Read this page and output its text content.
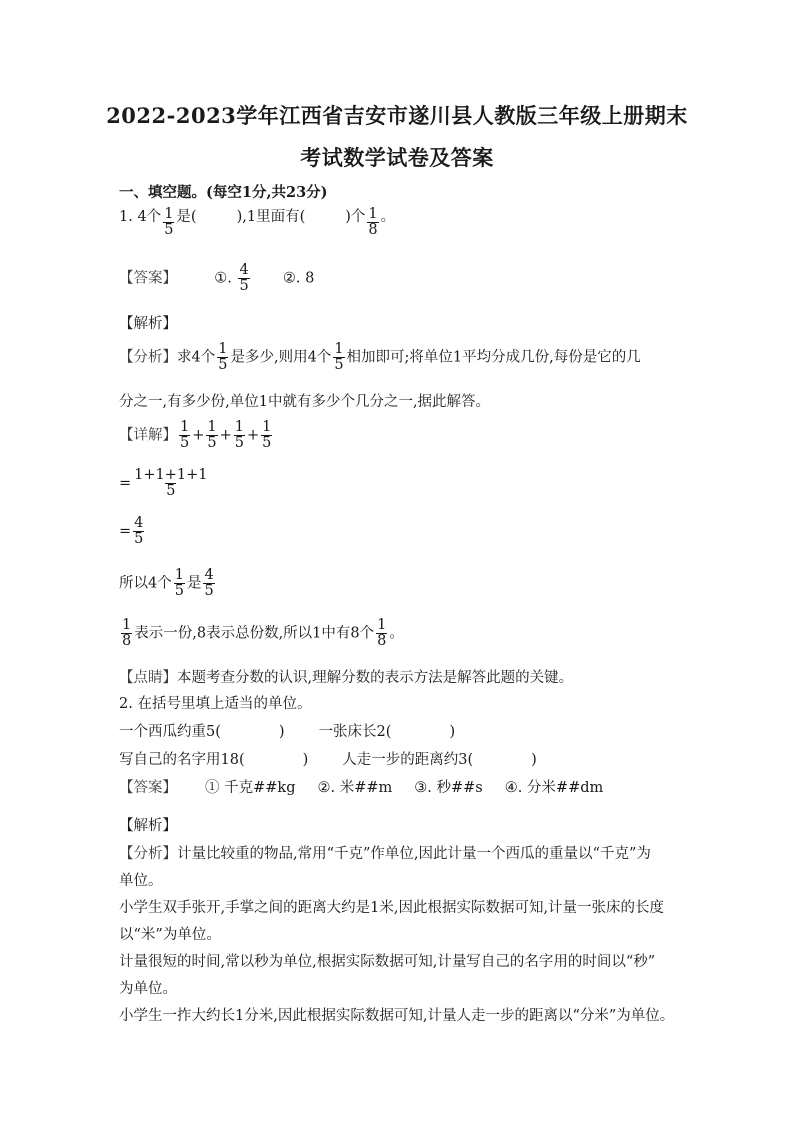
2022-2023学年江西省吉安市遂川县人教版三年级上册期末
考试数学试卷及答案
一、填空题。(每空1分,共23分)
1. 4个 $\frac{1}{5}$ 是(	),1里面有(	)个 $\frac{1}{8}$ 。
【答案】	①. $\frac{4}{5}$ ②. 8
【解析】
【分析】求4个 $\frac{1}{5}$ 是多少,则用4个 $\frac{1}{5}$ 相加即可;将单位1平均分成几份,每份是它的几
分之一,有多少份,单位1中就有多少个几分之一,据此解答。
【详解】 $\frac{1}{5} + \frac{1}{5} + \frac{1}{5} + \frac{1}{5}$
= $\frac{1+1+1+1}{5}$
= $\frac{4}{5}$
所以4个 $\frac{1}{5}$ 是 $\frac{4}{5}$
$\frac{1}{8}$ 表示一份,8表示总份数,所以1中有8个 $\frac{1}{8}$ 。
【点睛】本题考查分数的认识,理解分数的表示方法是解答此题的关键。
2. 在括号里填上适当的单位。
一个西瓜约重5(	) 一张床长2(	)
写自己的名字用18(	) 人走一步的距离约3(	)
【答案】 ① 千克##kg ②. 米##m ③. 秒##s ④. 分米##dm
【解析】
【分析】计量比较重的物品,常用“千克”作单位,因此计量一个西瓜的重量以“千克”为
单位。
小学生双手张开,手掌之间的距离大约是1米,因此根据实际数据可知,计量一张床的长度
以“米”为单位。
计量很短的时间,常以秒为单位,根据实际数据可知,计量写自己的名字用的时间以“秒”
为单位。
小学生一拃大约长1分米,因此根据实际数据可知,计量人走一步的距离以“分米”为单位。
